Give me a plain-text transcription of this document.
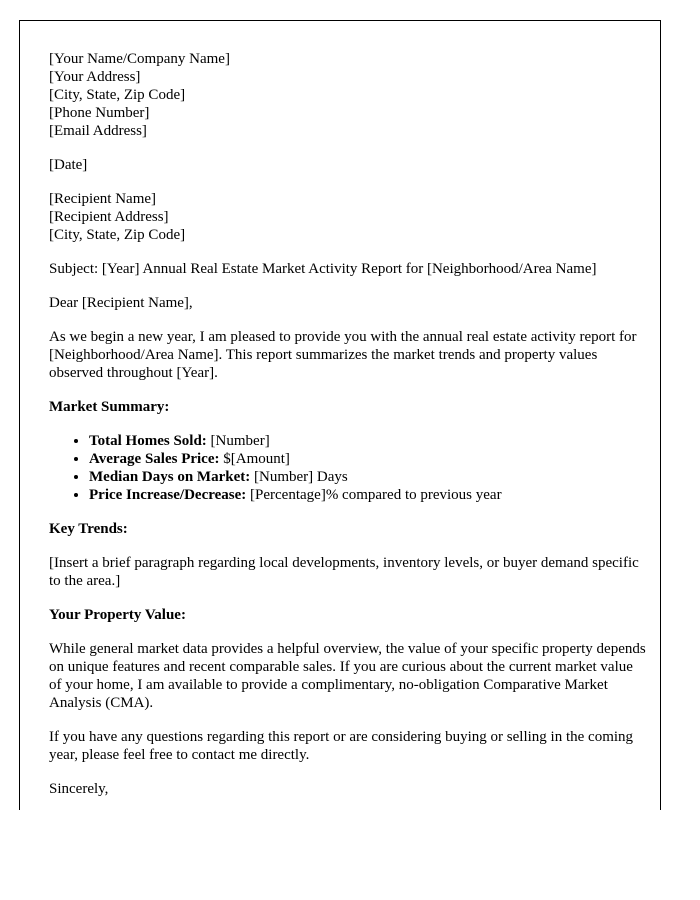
[Your Name/Company Name]
[Your Address]
[City, State, Zip Code]
[Phone Number]
[Email Address]
[Date]
[Recipient Name]
[Recipient Address]
[City, State, Zip Code]

Subject: [Year] Annual Real Estate Market Activity Report for [Neighborhood/Area Name]

Dear [Recipient Name],

As we begin a new year, I am pleased to provide you with the annual real estate activity report for [Neighborhood/Area Name]. This report summarizes the market trends and property values observed throughout [Year].

Market Summary:
• Total Homes Sold: [Number]
• Average Sales Price: $[Amount]
• Median Days on Market: [Number] Days
• Price Increase/Decrease: [Percentage]% compared to previous year
Key Trends:

[Insert a brief paragraph regarding local developments, inventory levels, or buyer demand specific to the area.]

Your Property Value:

While general market data provides a helpful overview, the value of your specific property depends on unique features and recent comparable sales. If you are curious about the current market value of your home, I am available to provide a complimentary, no-obligation Comparative Market Analysis (CMA).

If you have any questions regarding this report or are considering buying or selling in the coming year, please feel free to contact me directly.

Sincerely,
